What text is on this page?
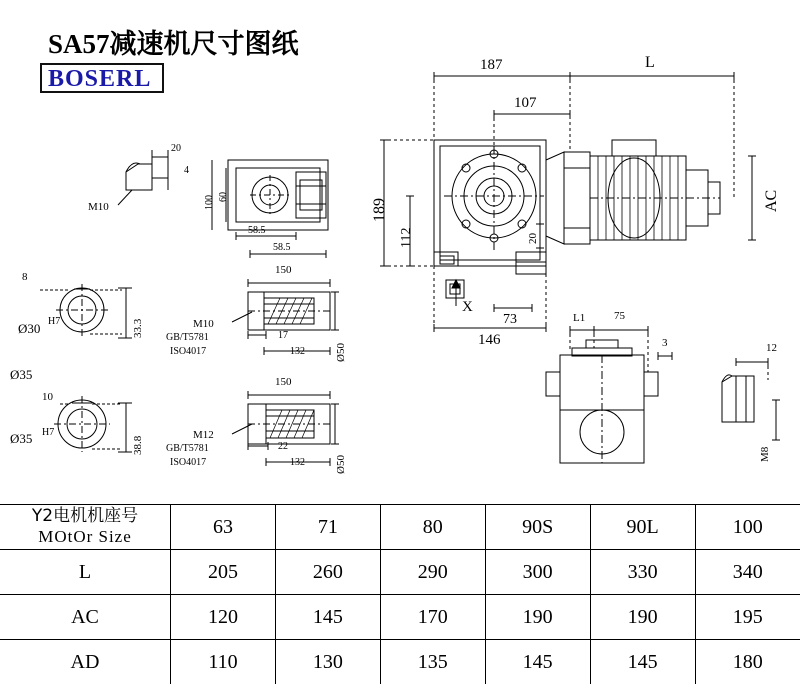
SA57减速机尺寸图纸
BOSERL
187	L
107
189
112
AC
20
X
73
146
20
4
M10	100 60
58.5
58.5
8
Ø30 H7	33.3
Ø35
10
Ø35 H7
38.8
150
M10
GB/T5781
ISO4017
17
132	Ø50
150
M12
GB/T5781
ISO4017
22
132	Ø50
L1	75
3	12
M8
Y2电机机座号
MOtOr Size	63	71	80	90S	90L	100
L	205	260	290	300	330	340
AC	120	145	170	190	190	195
AD	110	130	135	145	145	180
